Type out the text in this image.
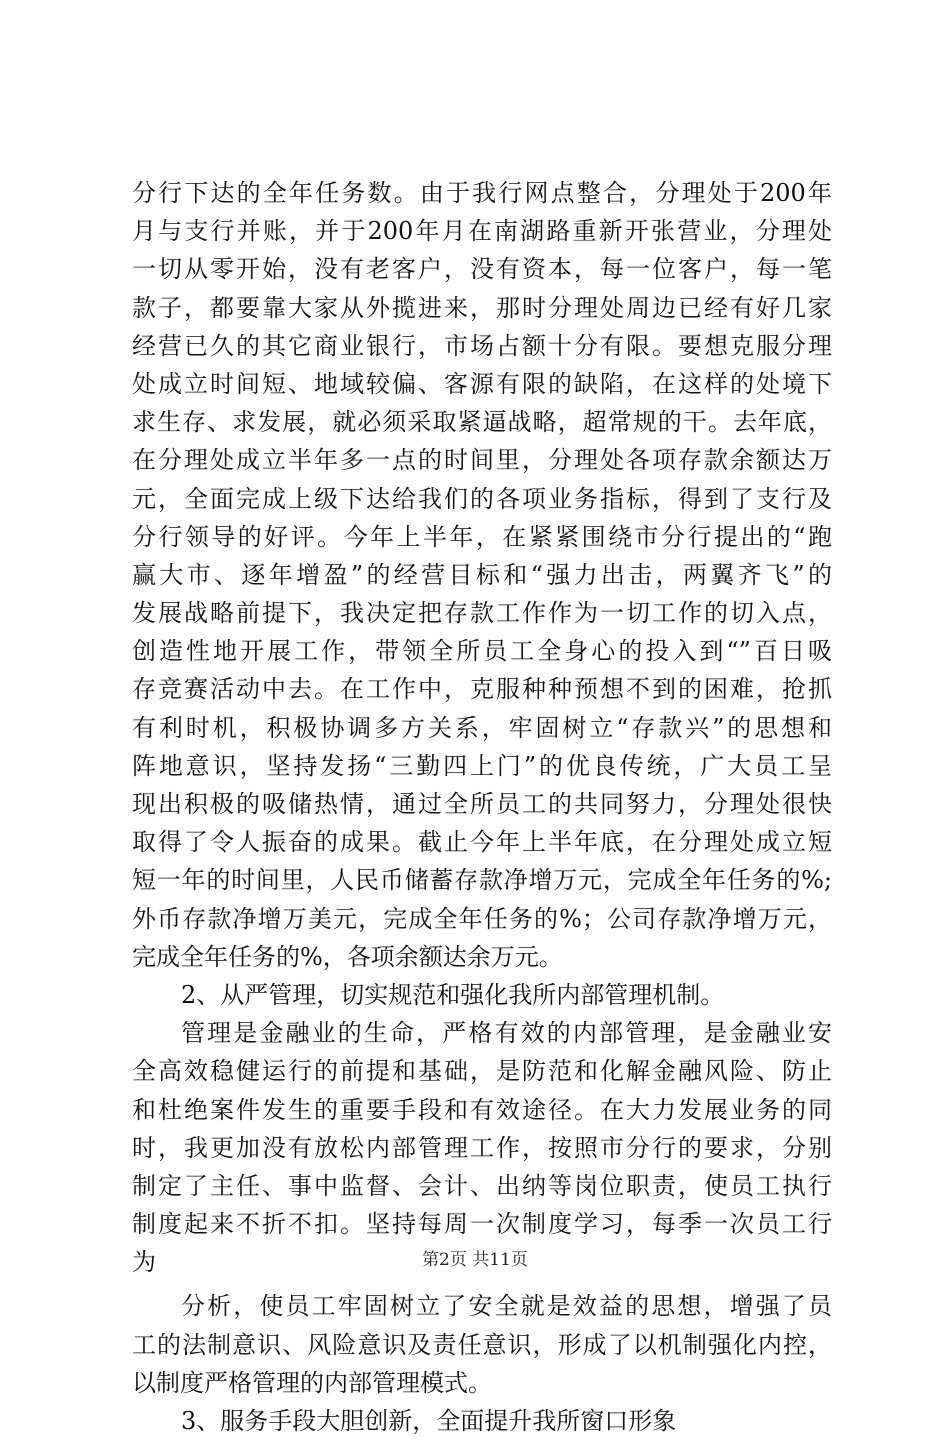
分行下达的全年任务数。由于我行网点整合，分理处于200年
月与支行并账，并于200年月在南湖路重新开张营业，分理处
一切从零开始，没有老客户，没有资本，每一位客户，每一笔
款子，都要靠大家从外揽进来，那时分理处周边已经有好几家
经营已久的其它商业银行，市场占额十分有限。要想克服分理
处成立时间短、地域较偏、客源有限的缺陷，在这样的处境下
求生存、求发展，就必须采取紧逼战略，超常规的干。去年底，
在分理处成立半年多一点的时间里，分理处各项存款余额达万
元，全面完成上级下达给我们的各项业务指标，得到了支行及
分行领导的好评。今年上半年，在紧紧围绕市分行提出的“跑
赢大市、逐年增盈”的经营目标和“强力出击，两翼齐飞”的
发展战略前提下，我决定把存款工作作为一切工作的切入点，
创造性地开展工作，带领全所员工全身心的投入到“”百日吸
存竞赛活动中去。在工作中，克服种种预想不到的困难，抢抓
有利时机，积极协调多方关系，牢固树立“存款兴”的思想和
阵地意识，坚持发扬“三勤四上门”的优良传统，广大员工呈
现出积极的吸储热情，通过全所员工的共同努力，分理处很快
取得了令人振奋的成果。截止今年上半年底，在分理处成立短
短一年的时间里，人民币储蓄存款净增万元，完成全年任务的%;
外币存款净增万美元，完成全年任务的%；公司存款净增万元，
完成全年任务的%，各项余额达余万元。
2、从严管理，切实规范和强化我所内部管理机制。
管理是金融业的生命，严格有效的内部管理，是金融业安
全高效稳健运行的前提和基础，是防范和化解金融风险、防止
和杜绝案件发生的重要手段和有效途径。在大力发展业务的同
时，我更加没有放松内部管理工作，按照市分行的要求，分别
制定了主任、事中监督、会计、出纳等岗位职责，使员工执行
制度起来不折不扣。坚持每周一次制度学习，每季一次员工行
为
分析，使员工牢固树立了安全就是效益的思想，增强了员
工的法制意识、风险意识及责任意识，形成了以机制强化内控，
以制度严格管理的内部管理模式。
3、服务手段大胆创新，全面提升我所窗口形象
第2页 共11页
